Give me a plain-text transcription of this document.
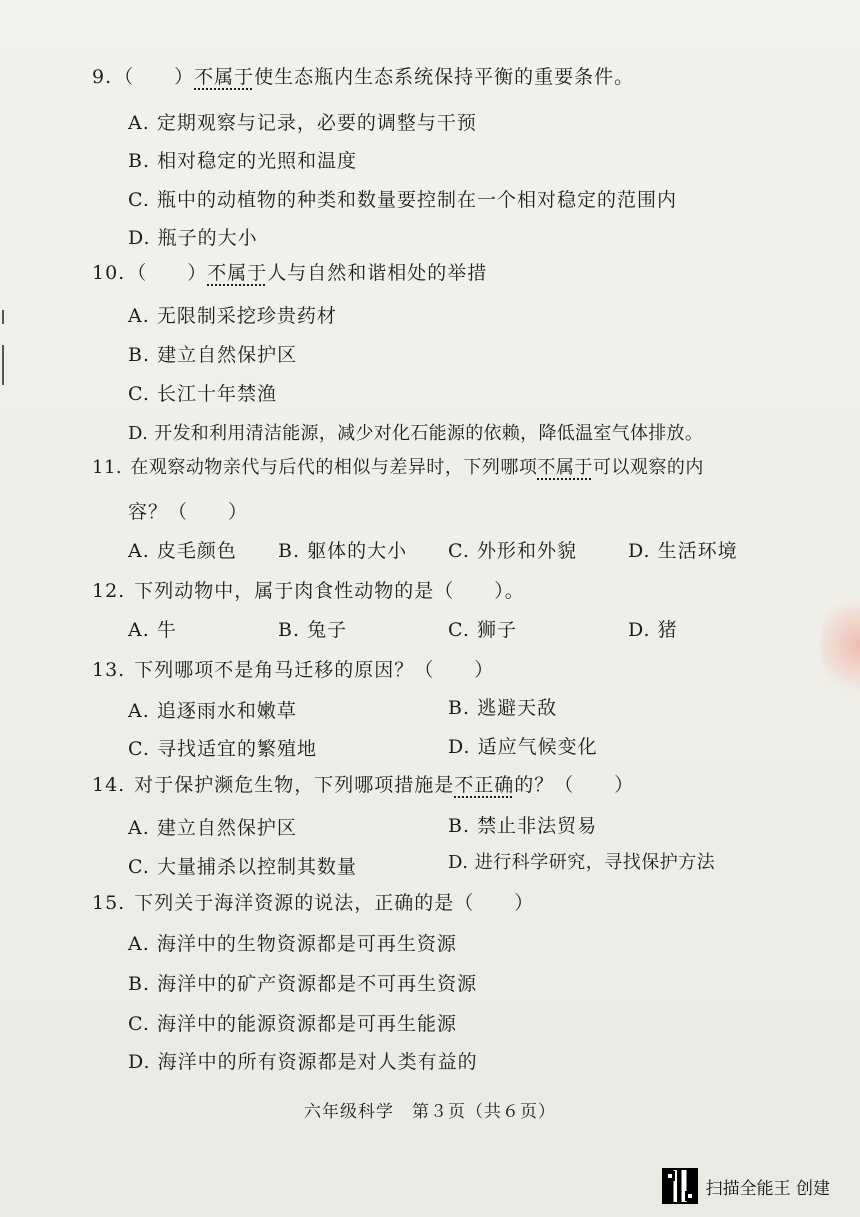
9. （　　）不属于使生态瓶内生态系统保持平衡的重要条件。
A. 定期观察与记录，必要的调整与干预
B. 相对稳定的光照和温度
C. 瓶中的动植物的种类和数量要控制在一个相对稳定的范围内
D. 瓶子的大小
10. （　　）不属于人与自然和谐相处的举措
A. 无限制采挖珍贵药材
B. 建立自然保护区
C. 长江十年禁渔
D. 开发和利用清洁能源，减少对化石能源的依赖，降低温室气体排放。
11. 在观察动物亲代与后代的相似与差异时，下列哪项不属于可以观察的内
容？（　　）
A. 皮毛颜色 B. 躯体的大小 C. 外形和外貌	D. 生活环境
12. 下列动物中，属于肉食性动物的是（　　）。
A. 牛	B. 兔子	C. 狮子	D. 猪
13. 下列哪项不是角马迁移的原因？（　　）
A. 追逐雨水和嫩草	B. 逃避天敌
C. 寻找适宜的繁殖地	D. 适应气候变化
14. 对于保护濒危生物，下列哪项措施是不正确的？（　　）
A. 建立自然保护区	B. 禁止非法贸易
C. 大量捕杀以控制其数量	D. 进行科学研究，寻找保护方法
15. 下列关于海洋资源的说法，正确的是（　　）
A. 海洋中的生物资源都是可再生资源
B. 海洋中的矿产资源都是不可再生资源
C. 海洋中的能源资源都是可再生能源
D. 海洋中的所有资源都是对人类有益的
六年级科学　第３页（共６页）
扫描全能王 创建
